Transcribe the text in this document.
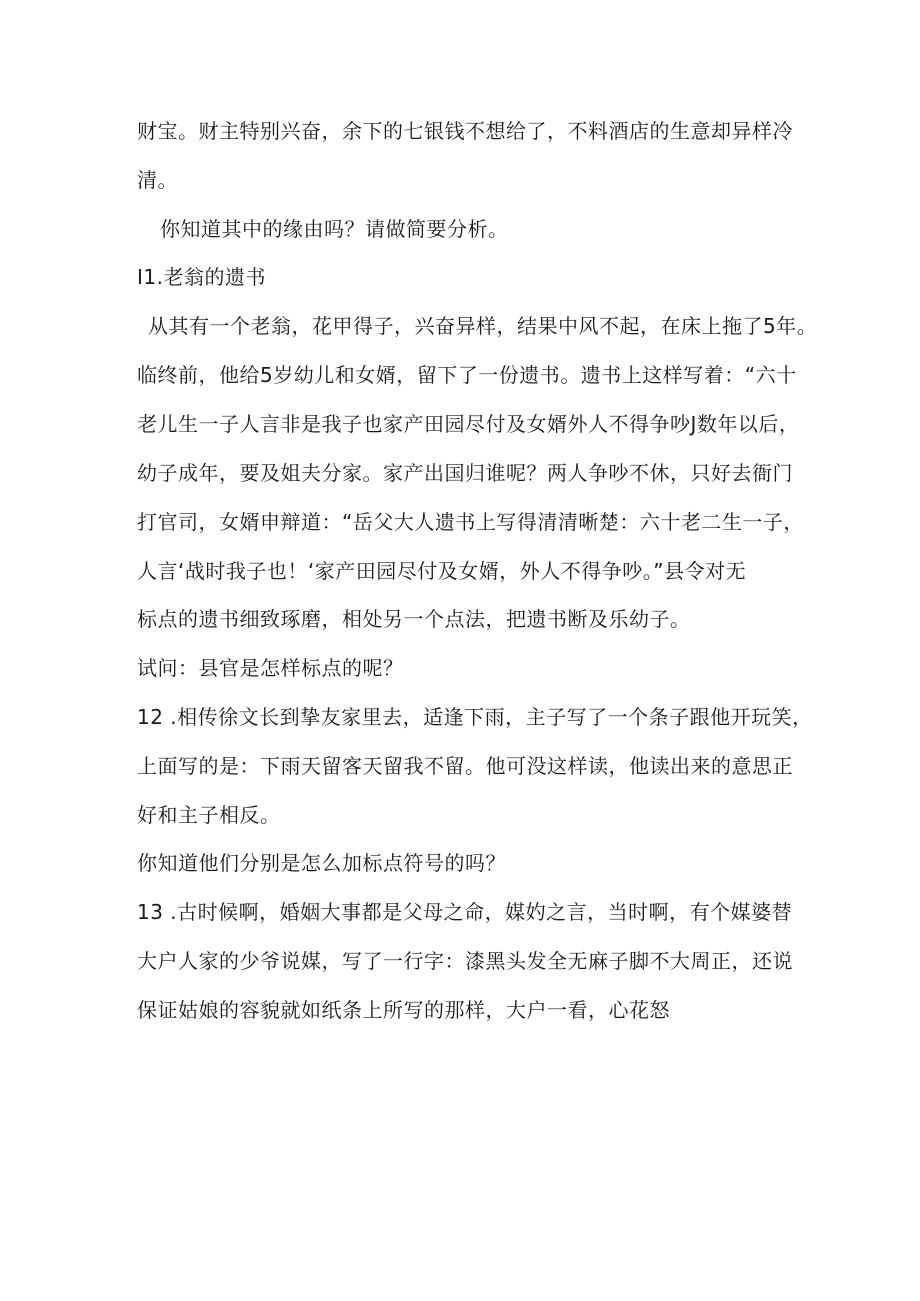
财宝。财主特别兴奋，余下的七银钱不想给了，不料酒店的生意却异样冷
清。
你知道其中的缘由吗？请做简要分析。
I1.老翁的遗书
从其有一个老翁，花甲得子，兴奋异样，结果中风不起，在床上拖了5年。
临终前，他给5岁幼儿和女婿，留下了一份遗书。遗书上这样写着：“六十
老儿生一子人言非是我子也家产田园尽付及女婿外人不得争吵J数年以后，
幼子成年，要及姐夫分家。家产出国归谁呢？两人争吵不休，只好去衙门
打官司，女婿申辩道：“岳父大人遗书上写得清清晰楚：六十老二生一子，
人言‘战时我子也！‘家产田园尽付及女婿，外人不得争吵。”县令对无
标点的遗书细致琢磨，相处另一个点法，把遗书断及乐幼子。
试问：县官是怎样标点的呢？
12 .相传徐文长到挚友家里去，适逢下雨，主子写了一个条子跟他开玩笑，
上面写的是：下雨天留客天留我不留。他可没这样读，他读出来的意思正
好和主子相反。
你知道他们分别是怎么加标点符号的吗？
13 .古时候啊，婚姻大事都是父母之命，媒妁之言，当时啊，有个媒婆替
大户人家的少爷说媒，写了一行字：漆黑头发全无麻子脚不大周正，还说
保证姑娘的容貌就如纸条上所写的那样，大户一看，心花怒
